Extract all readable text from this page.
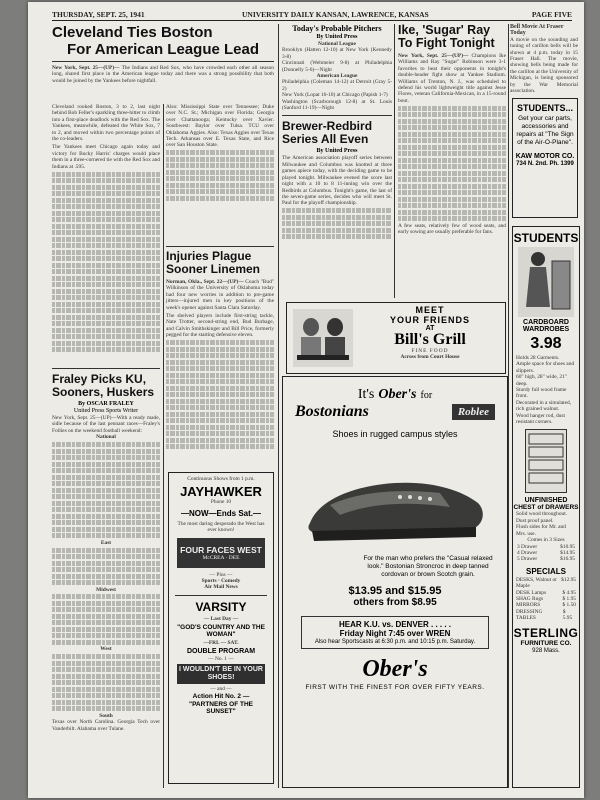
THURSDAY, SEPT. 25, 1941	UNIVERSITY DAILY KANSAN, LAWRENCE, KANSAS	PAGE FIVE
Cleveland Ties Boston
For American League Lead

New York, Sept. 25—(UP)— The Indians and Red Sox, who have crowded each other all season long, shared first place in the American league today and there was a strong possibility that both would be joined by the Yankees before nightfall.

Cleveland rooked Boston, 3 to 2, last night behind Bob Feller's sparkling three-hitter to climb into a first-place deadlock with the Red Sox. The Yankees, meanwhile, defeated the White Sox, 7 to 2, and moved within two percentage points of the co-leaders.

The Yankees meet Chicago again today and victory for Bucky Harris' charges would place them in a three-cornered tie with the Red Sox and Indians at .595.

Fraley Picks KU,
Sooners, Huskers

By OSCAR FRALEY

United Press Sports Writer

New York, Sept. 25—(UP)—With a ready made, sidle because of the last pennant races—Fraley's Follies on the weekend football weekend:

National

East

Midwest

West

South

Texas over North Carolina. Georgia Tech over Vanderbilt. Alabama over Tulane.

Also: Mississippi State over Tennessee; Duke over N.C. St.; Michigan over Florida; Georgia over Chattanooga; Kentucky over Xavier. Southwest: Baylor over Tulsa. TCU over Oklahoma Aggies. Also: Texas Aggies over Texas Tech. Arkansas over E. Texas State, and Rice over San Houston State.

Injuries Plague
Sooner Linemen

Norman, Okla., Sept. 22—(UP)— Coach "Bud" Wilkinson of the University of Oklahoma today had four new worries in addition to pre-game jitters—injured men in key positions of the week's opener against Santa Clara Saturday.

The shelved players include first-string tackle, Nate Trotter, second-string end, Bud Burbage, and Calvin Smithskinger and Bill Price, formerly pegged for the starting defensive eleven.

Continuous Shows from 1 p.m.

JAYHAWKER

Phone 10

—NOW—Ends Sat.—

The most daring desperado the West has ever known!

FOUR FACES WEST
McCREA · DEE

— Plus —

Sports · Comedy

Air Mail News

VARSITY

— Last Day —

"GOD'S COUNTRY AND THE WOMAN"

—FRI. — SAT.

DOUBLE PROGRAM

— No. 1 —

I WOULDN'T BE IN YOUR SHOES!

— and —

Action Hit No. 2 — "PARTNERS OF THE SUNSET"

Today's Probable Pitchers

By United Press

National League

Brooklyn (Hatten 12-10) at New York (Kennedy 3-8)

Cincinnati (Wehmeier 9-8) at Philadelphia (Donnelly 5-6)—Night

American League

Philadelphia (Coleman 14-12) at Detroit (Gray 5-2)

New York (Lopat 16-10) at Chicago (Papish 1-7)

Washington (Scarborough 12-8) at St. Louis (Sanford 11-19)—Night

Brewer-Redbird
Series All Even

By United Press

The American association playoff series between Milwaukee and Columbus was knotted at three games apiece today, with the deciding game to be played tonight. Milwaukee evened the score last night with a 10 to 8 11-inning win over the Redbirds at Columbus. Tonight's game, the last of the seven-game series, decides who will meet St. Paul for the playoff championship.

Ike, 'Sugar' Ray
To Fight Tonight

New York, Sept. 25—(UP)— Champions Ike Williams and Ray "Sugar" Robinson were 3-1 favorites to beat their opponents in tonight's double-header fight show at Yankee Stadium. Williams of Trenton, N. J., was scheduled to defend his world lightweight title against Jesse Flores, veteran California-Mexican, in a 15-round bout.

A few seats, relatively few of wood seats, and early sowing are usually preferable for fans.

MEET

YOUR FRIENDS

AT

Bill's Grill

FINE FOOD

Across from Court House

It's Ober's for
Bostonians	Roblee

Shoes in rugged campus styles

For the man who prefers the "Casual relaxed look." Bostonian Stroncroc in deep tanned cordovan or brown Scotch grain.

$13.95 and $15.95

others from $8.95

HEAR K.U. vs. DENVER . . . . .

Friday Night 7:45 over WREN

Also hear Sportscasts at 6:30 p.m. and 10:15 p.m. Saturday.

Ober's

FIRST WITH THE FINEST FOR OVER FIFTY YEARS.

Bell Movie At Fraser Today

A movie on the sounding and tuning of carillon bells will be shown at 4 p.m. today in 15 Fraser Hall. The movie, showing bells being made for the carillon at the University of Michigan, is being sponsored by the War Memorial association.

STUDENTS...

Get your car parts, accessories and repairs at "The Sign of the Air-O-Plane".

KAW MOTOR CO.

734 N. 2nd. Ph. 1399

STUDENTS

CARDBOARD

WARDROBES

3.98

Holds 28 Garments.

Ample space for shoes and slippers.

60" high, 28" wide, 21" deep.

Sturdy full wood frame front.

Decorated in a simulated, rich grained walnut.

Wood hanger rod, dust resistant corners.

UNFINISHED

CHEST of DRAWERS

Solid wood throughout.

Dust proof panel.

Flush sides for Mr. and Mrs. use.

Comes in 3 Sizes

3 Drawer	$10.95
4 Drawer	$14.95
5 Drawer	$16.95

SPECIALS

DESKS, Walnut or Maple
$12.95
DESK Lamps	$ 4.95
SHAG Rugs	$ 1.95
MIRRORS	$ 1.50
DRESSING TABLES
$ 5.95

STERLING

FURNITURE CO.

928 Mass.
